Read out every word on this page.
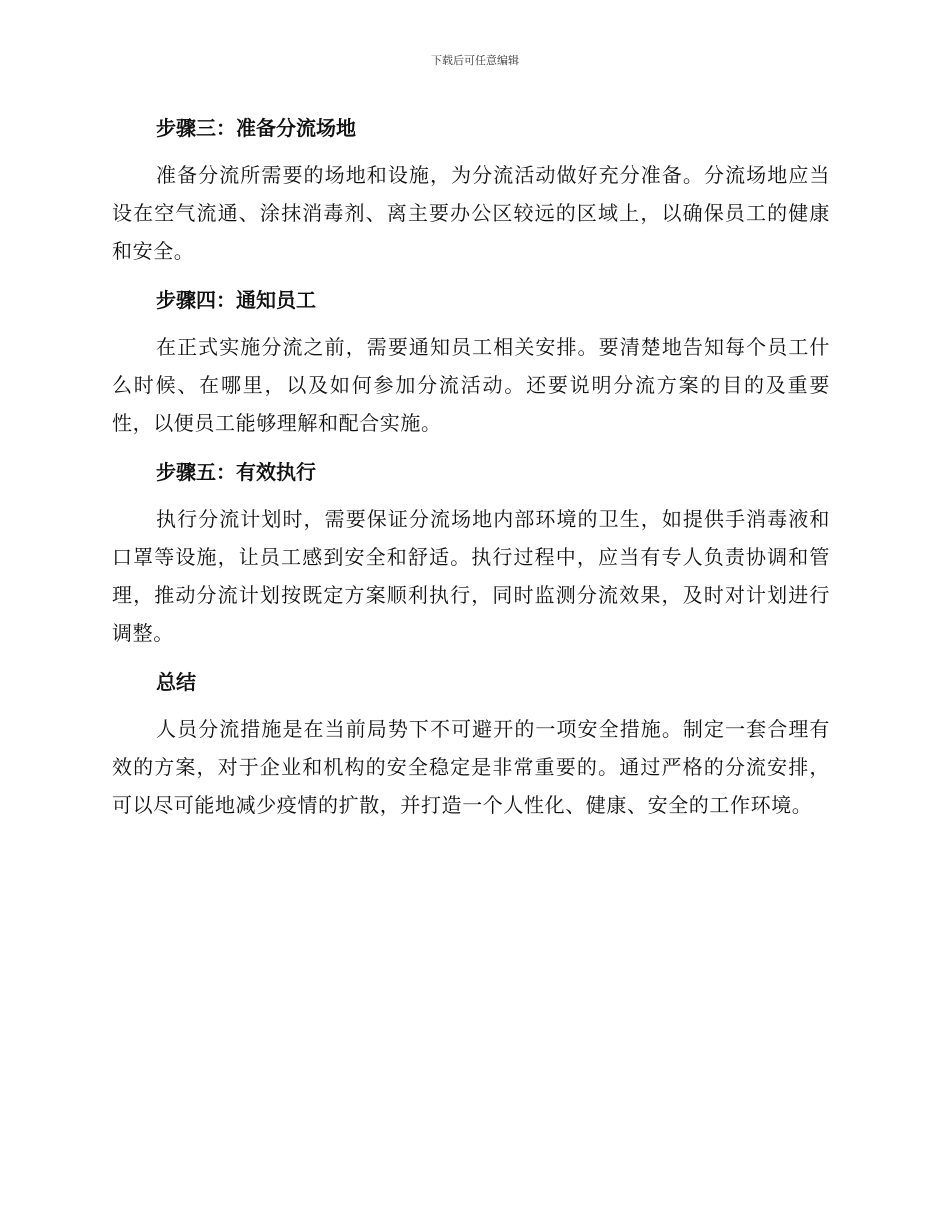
下载后可任意编辑
步骤三：准备分流场地

准备分流所需要的场地和设施，为分流活动做好充分准备。分流场地应当设在空气流通、涂抹消毒剂、离主要办公区较远的区域上，以确保员工的健康和安全。

步骤四：通知员工

在正式实施分流之前，需要通知员工相关安排。要清楚地告知每个员工什么时候、在哪里，以及如何参加分流活动。还要说明分流方案的目的及重要性，以便员工能够理解和配合实施。

步骤五：有效执行

执行分流计划时，需要保证分流场地内部环境的卫生，如提供手消毒液和口罩等设施，让员工感到安全和舒适。执行过程中，应当有专人负责协调和管理，推动分流计划按既定方案顺利执行，同时监测分流效果，及时对计划进行调整。

总结

人员分流措施是在当前局势下不可避开的一项安全措施。制定一套合理有效的方案，对于企业和机构的安全稳定是非常重要的。通过严格的分流安排，可以尽可能地减少疫情的扩散，并打造一个人性化、健康、安全的工作环境。
